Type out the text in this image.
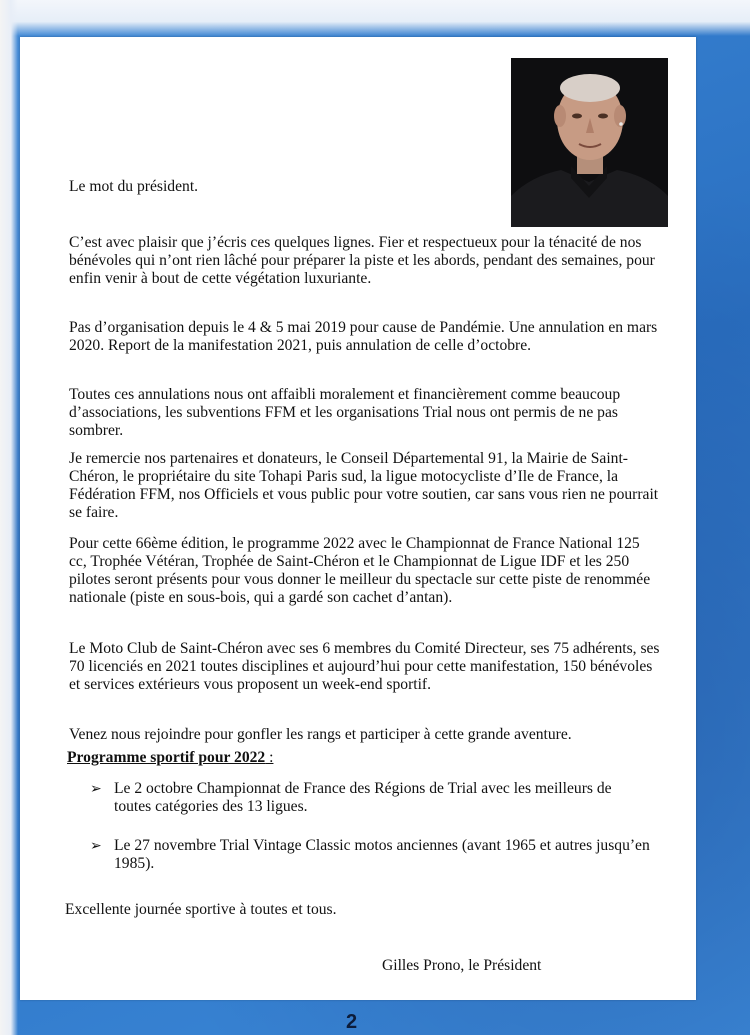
Le mot du président.

C’est avec plaisir que j’écris ces quelques lignes. Fier et respectueux pour la ténacité de nos bénévoles qui n’ont rien lâché pour préparer la piste et les abords, pendant des semaines, pour enfin venir à bout de cette végétation luxuriante.

Pas d’organisation depuis le 4 & 5 mai 2019 pour cause de Pandémie. Une annulation en mars 2020. Report de la manifestation 2021, puis annulation de celle d’octobre.

Toutes ces annulations nous ont affaibli moralement et financièrement comme beaucoup d’associations, les subventions FFM et les organisations Trial nous ont permis de ne pas sombrer.

Je remercie nos partenaires et donateurs, le Conseil Départemental 91, la Mairie de Saint-Chéron, le propriétaire du site Tohapi Paris sud, la ligue motocycliste d’Ile de France, la Fédération FFM, nos Officiels et vous public pour votre soutien, car sans vous rien ne pourrait se faire.

Pour cette 66ème édition, le programme 2022 avec le Championnat de France National 125 cc, Trophée Vétéran, Trophée de Saint-Chéron et le Championnat de Ligue IDF et les 250 pilotes seront présents pour vous donner le meilleur du spectacle sur cette piste de renommée nationale (piste en sous-bois, qui a gardé son cachet d’antan).

Le Moto Club de Saint-Chéron avec ses 6 membres du Comité Directeur, ses 75 adhérents, ses 70 licenciés en 2021 toutes disciplines et aujourd’hui pour cette manifestation, 150 bénévoles et services extérieurs vous proposent un week-end sportif.

Venez nous rejoindre pour gonfler les rangs et participer à cette grande aventure.

Programme sportif pour 2022 :
➢ Le 2 octobre Championnat de France des Régions de Trial avec les meilleurs de toutes catégories des 13 ligues.
➢ Le 27 novembre Trial Vintage Classic motos anciennes (avant 1965 et autres jusqu’en 1985).
Excellente journée sportive à toutes et tous.
Gilles Prono, le Président
2
